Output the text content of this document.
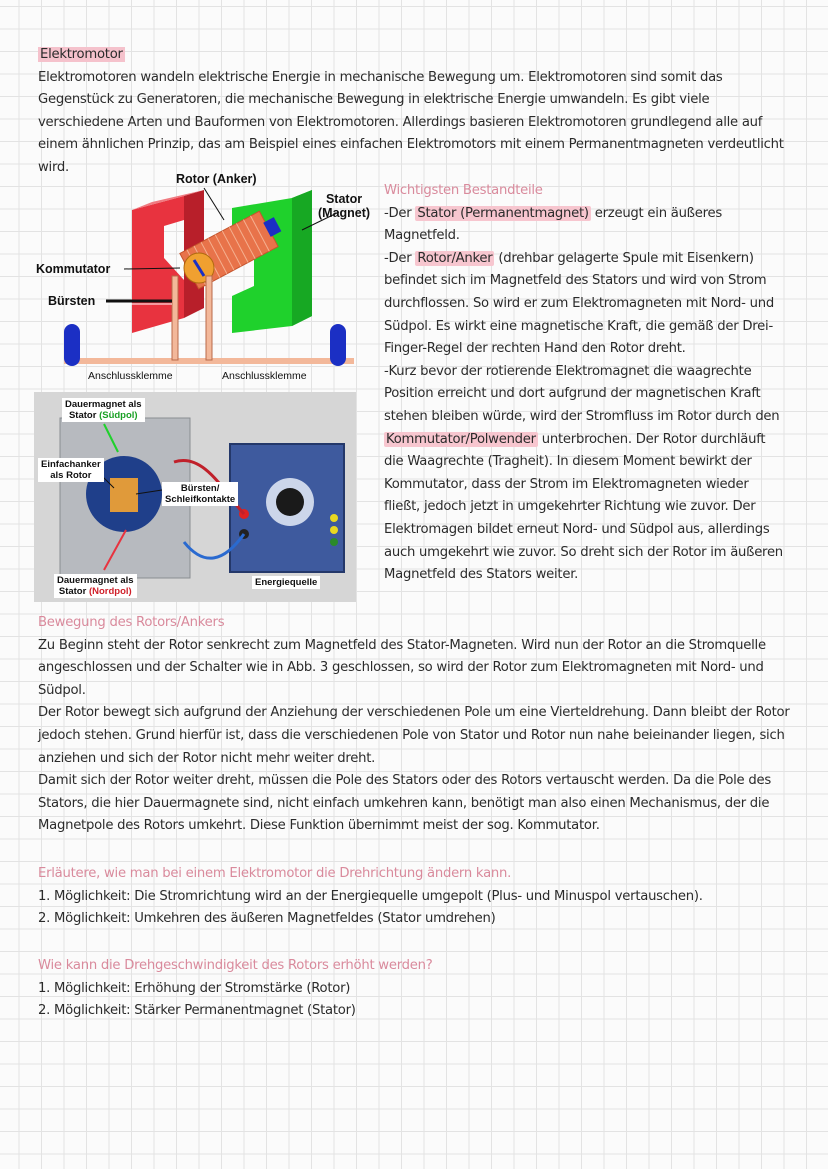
Elektromotor

Elektromotoren wandeln elektrische Energie in mechanische Bewegung um. Elektromotoren sind somit das Gegenstück zu Generatoren, die mechanische Bewegung in elektrische Energie umwandeln. Es gibt viele verschiedene Arten und Bauformen von Elektromotoren. Allerdings basieren Elektromotoren grundlegend alle auf einem ähnlichen Prinzip, das am Beispiel eines einfachen Elektromotors mit einem Permanentmagneten verdeutlicht wird.

Rotor (Anker)
Stator
(Magnet)
Kommutator
Bürsten
Anschlussklemme	Anschlussklemme
Dauermagnet als
Stator (Südpol)
Einfachanker
als Rotor
Bürsten/
Schleifkontakte
Dauermagnet als
Stator (Nordpol)
Energiequelle

Wichtigsten Bestandteile

-Der Stator (Permanentmagnet) erzeugt ein äußeres Magnetfeld.

-Der Rotor/Anker (drehbar gelagerte Spule mit Eisenkern) befindet sich im Magnetfeld des Stators und wird von Strom durchflossen. So wird er zum Elektromagneten mit Nord- und Südpol. Es wirkt eine magnetische Kraft, die gemäß der Drei-Finger-Regel der rechten Hand den Rotor dreht.

-Kurz bevor der rotierende Elektromagnet die waagrechte Position erreicht und dort aufgrund der magnetischen Kraft stehen bleiben würde, wird der Stromfluss im Rotor durch den Kommutator/Polwender unterbrochen. Der Rotor durchläuft die Waagrechte (Tragheit). In diesem Moment bewirkt der Kommutator, dass der Strom im Elektromagneten wieder fließt, jedoch jetzt in umgekehrter Richtung wie zuvor. Der Elektromagen bildet erneut Nord- und Südpol aus, allerdings auch umgekehrt wie zuvor. So dreht sich der Rotor im äußeren Magnetfeld des Stators weiter.

Bewegung des Rotors/Ankers

Zu Beginn steht der Rotor senkrecht zum Magnetfeld des Stator-Magneten. Wird nun der Rotor an die Stromquelle angeschlossen und der Schalter wie in Abb. 3 geschlossen, so wird der Rotor zum Elektromagneten mit Nord- und Südpol.

Der Rotor bewegt sich aufgrund der Anziehung der verschiedenen Pole um eine Vierteldrehung. Dann bleibt der Rotor jedoch stehen. Grund hierfür ist, dass die verschiedenen Pole von Stator und Rotor nun nahe beieinander liegen, sich anziehen und sich der Rotor nicht mehr weiter dreht.

Damit sich der Rotor weiter dreht, müssen die Pole des Stators oder des Rotors vertauscht werden. Da die Pole des Stators, die hier Dauermagnete sind, nicht einfach umkehren kann, benötigt man also einen Mechanismus, der die Magnetpole des Rotors umkehrt. Diese Funktion übernimmt meist der sog. Kommutator.

Erläutere, wie man bei einem Elektromotor die Drehrichtung ändern kann.

1. Möglichkeit: Die Stromrichtung wird an der Energiequelle umgepolt (Plus- und Minuspol vertauschen).

2. Möglichkeit: Umkehren des äußeren Magnetfeldes (Stator umdrehen)

Wie kann die Drehgeschwindigkeit des Rotors erhöht werden?

1. Möglichkeit: Erhöhung der Stromstärke (Rotor)

2. Möglichkeit: Stärker Permanentmagnet (Stator)
